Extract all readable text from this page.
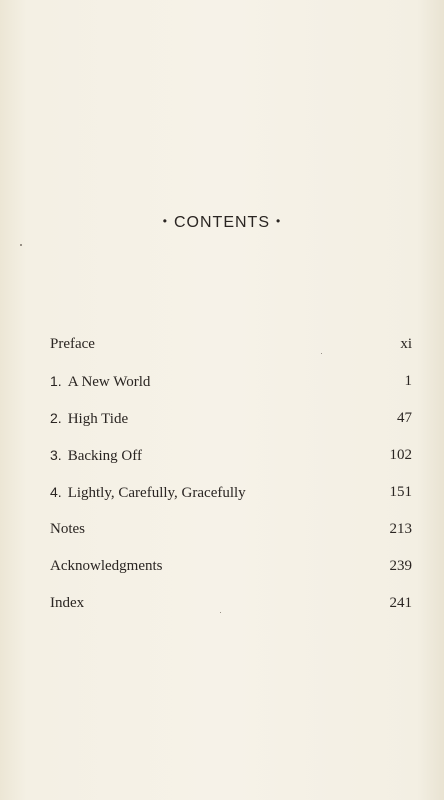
• CONTENTS •
Preface	xi
1. A New World	1
2. High Tide	47
3. Backing Off	102
4. Lightly, Carefully, Gracefully	151
Notes	213
Acknowledgments	239
Index	241
